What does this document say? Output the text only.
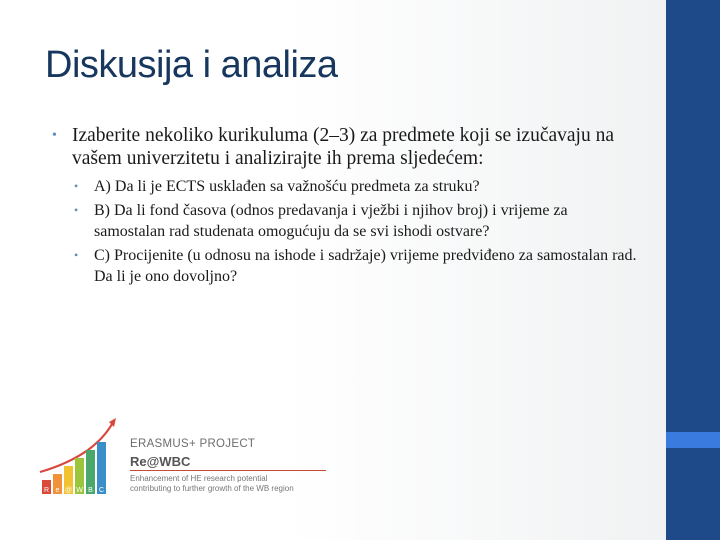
Diskusija i analiza
• Izaberite nekoliko kurikuluma (2–3) za predmete koji se izučavaju na vašem univerzitetu i analizirajte ih prema sljedećem:
• A) Da li je ECTS usklađen sa važnošću predmeta za struku?
• B) Da li fond časova (odnos predavanja i vježbi i njihov broj) i vrijeme za samostalan rad studenata omogućuju da se svi ishodi ostvare?
• C) Procijenite (u odnosu na ishode i sadržaje) vrijeme predviđeno za samostalan rad. Da li je ono dovoljno?
R e @ W B C
ERASMUS+ PROJECT
Re@WBC
Enhancement of HE research potential
contributing to further growth of the WB region
